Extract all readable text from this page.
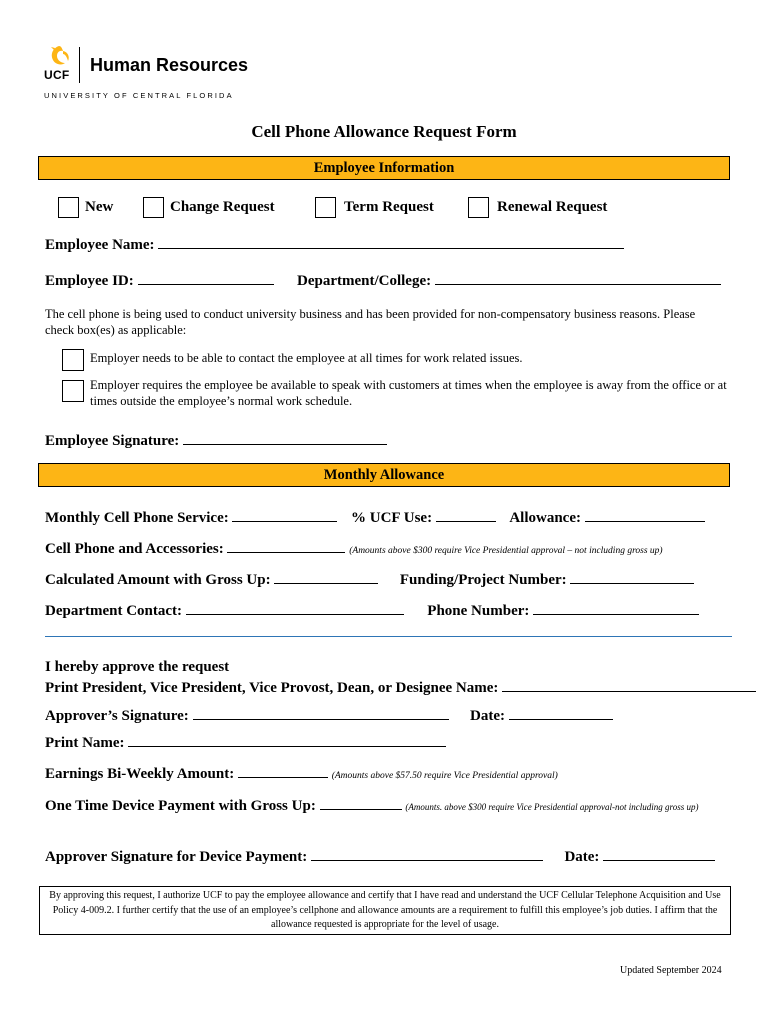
UCF Human Resources
UNIVERSITY OF CENTRAL FLORIDA
Cell Phone Allowance Request Form
Employee Information
New	Change Request	Term Request	Renewal Request
Employee Name:
Employee ID:	Department/College:
The cell phone is being used to conduct university business and has been provided for non-compensatory business reasons. Please check box(es) as applicable:
Employer needs to be able to contact the employee at all times for work related issues.
Employer requires the employee be available to speak with customers at times when the employee is away from the office or at times outside the employee’s normal work schedule.
Employee Signature:
Monthly Allowance
Monthly Cell Phone Service:	% UCF Use:	Allowance:
Cell Phone and Accessories:	(Amounts above $300 require Vice Presidential approval – not including gross up)
Calculated Amount with Gross Up:	Funding/Project Number:
Department Contact:	Phone Number:
I hereby approve the request
Print President, Vice President, Vice Provost, Dean, or Designee Name:
Approver’s Signature:	Date:
Print Name:
Earnings Bi-Weekly Amount:	(Amounts above $57.50 require Vice Presidential approval)
One Time Device Payment with Gross Up:	(Amounts. above $300 require Vice Presidential approval-not including gross up)
Approver Signature for Device Payment:	Date:
By approving this request, I authorize UCF to pay the employee allowance and certify that I have read and understand the UCF Cellular Telephone Acquisition and Use Policy 4-009.2. I further certify that the use of an employee’s cellphone and allowance amounts are a requirement to fulfill this employee’s job duties. I affirm that the allowance requested is appropriate for the level of usage.
Updated September 2024
